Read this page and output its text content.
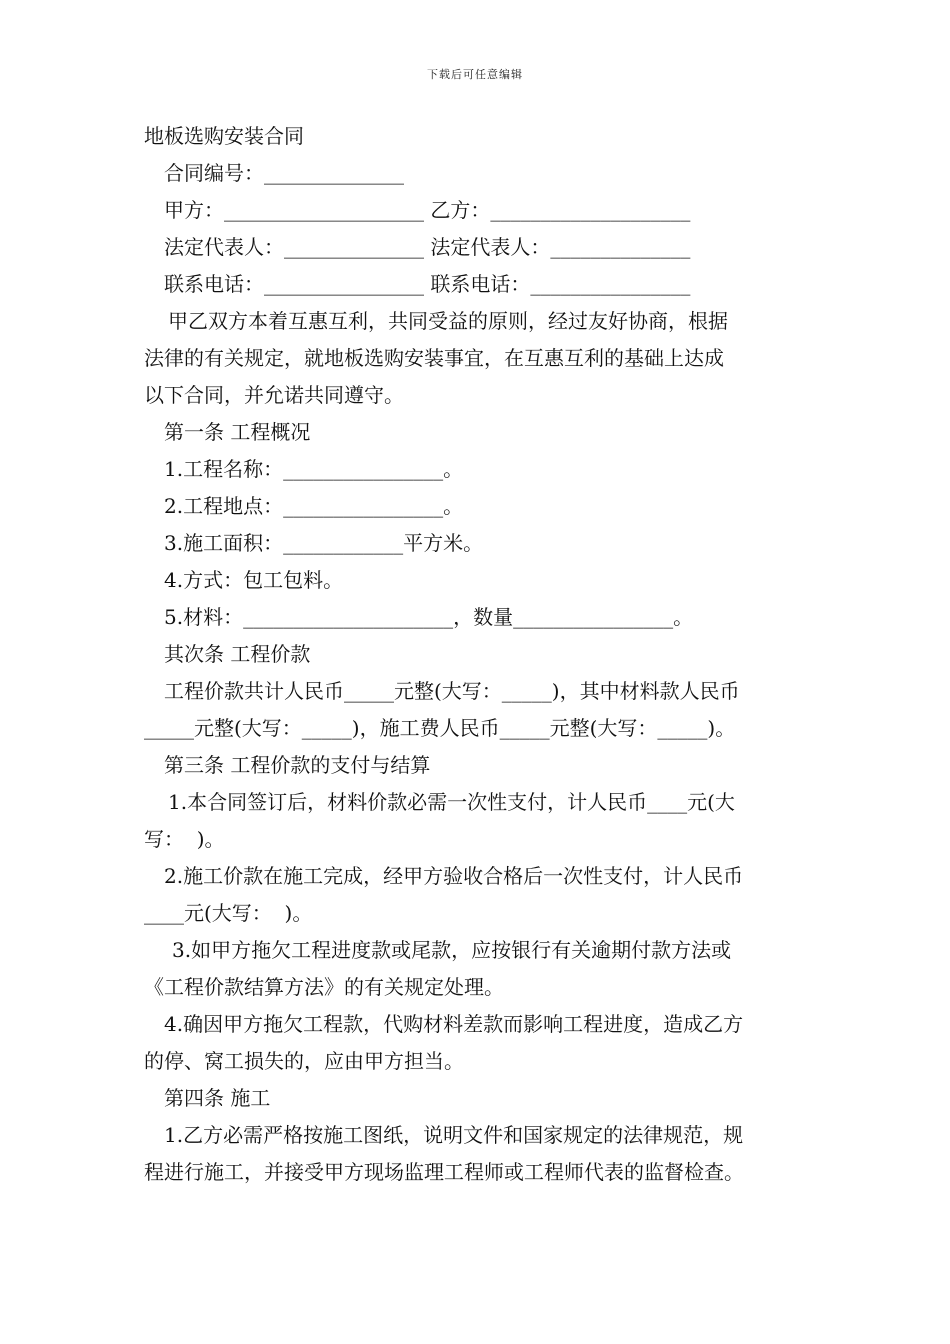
下载后可任意编辑
地板选购安装合同
合同编号：______________
甲方：____________________ 乙方：____________________
法定代表人：______________ 法定代表人：______________
联系电话：________________ 联系电话：________________
甲乙双方本着互惠互利，共同受益的原则，经过友好协商，根据
法律的有关规定，就地板选购安装事宜，在互惠互利的基础上达成
以下合同，并允诺共同遵守。
第一条 工程概况
1.工程名称：________________。
2.工程地点：________________。
3.施工面积：____________平方米。
4.方式：包工包料。
5.材料：_____________________，数量________________。
其次条 工程价款
工程价款共计人民币_____元整(大写：_____)，其中材料款人民币
_____元整(大写：_____)，施工费人民币_____元整(大写：_____)。
第三条 工程价款的支付与结算
1.本合同签订后，材料价款必需一次性支付，计人民币____元(大
写：  )。
2.施工价款在施工完成，经甲方验收合格后一次性支付，计人民币
____元(大写：  )。
3.如甲方拖欠工程进度款或尾款，应按银行有关逾期付款方法或
《工程价款结算方法》的有关规定处理。
4.确因甲方拖欠工程款，代购材料差款而影响工程进度，造成乙方
的停、窝工损失的，应由甲方担当。
第四条 施工
1.乙方必需严格按施工图纸，说明文件和国家规定的法律规范，规
程进行施工，并接受甲方现场监理工程师或工程师代表的监督检查。
